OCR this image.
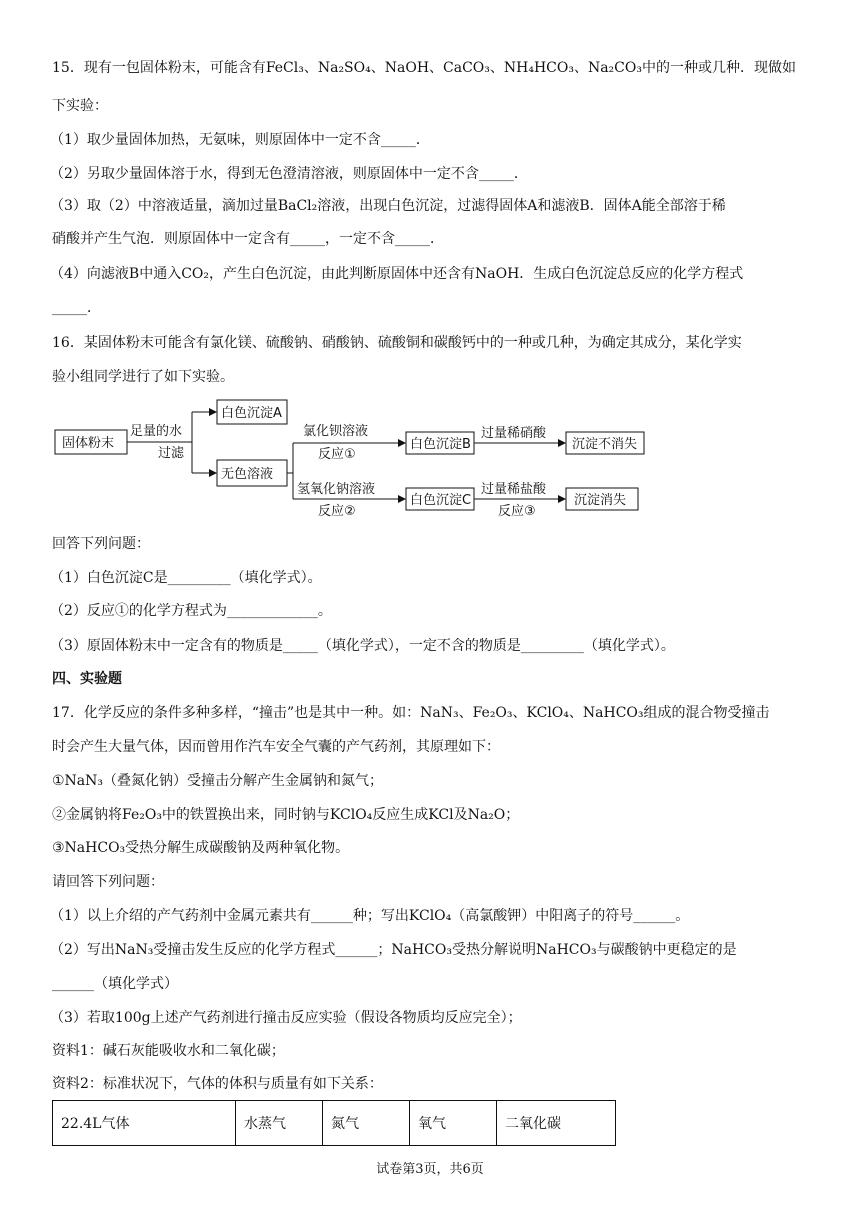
15．现有一包固体粉末，可能含有FeCl₃、Na₂SO₄、NaOH、CaCO₃、NH₄HCO₃、Na₂CO₃中的一种或几种．现做如
下实验：
（1）取少量固体加热，无氨味，则原固体中一定不含_____．
（2）另取少量固体溶于水，得到无色澄清溶液，则原固体中一定不含_____．
（3）取（2）中溶液适量，滴加过量BaCl₂溶液，出现白色沉淀，过滤得固体A和滤液B．固体A能全部溶于稀
硝酸并产生气泡．则原固体中一定含有_____，一定不含_____．
（4）向滤液B中通入CO₂，产生白色沉淀，由此判断原固体中还含有NaOH．生成白色沉淀总反应的化学方程式
_____．
16．某固体粉末可能含有氯化镁、硫酸钠、硝酸钠、硫酸铜和碳酸钙中的一种或几种，为确定其成分，某化学实
验小组同学进行了如下实验。
固体粉末
足量的水
过滤
白色沉淀A
无色溶液
氯化钡溶液
反应①
白色沉淀B
过量稀硝酸
沉淀不消失
氢氧化钠溶液
反应②
白色沉淀C
过量稀盐酸
反应③
沉淀消失
回答下列问题：
（1）白色沉淀C是_________（填化学式）。
（2）反应①的化学方程式为_____________。
（3）原固体粉末中一定含有的物质是_____（填化学式），一定不含的物质是_________（填化学式）。
四、实验题
17．化学反应的条件多种多样，“撞击”也是其中一种。如：NaN₃、Fe₂O₃、KClO₄、NaHCO₃组成的混合物受撞击
时会产生大量气体，因而曾用作汽车安全气囊的产气药剂，其原理如下：
①NaN₃（叠氮化钠）受撞击分解产生金属钠和氮气；
②金属钠将Fe₂O₃中的铁置换出来，同时钠与KClO₄反应生成KCl及Na₂O；
③NaHCO₃受热分解生成碳酸钠及两种氧化物。
请回答下列问题：
（1）以上介绍的产气药剂中金属元素共有______种；写出KClO₄（高氯酸钾）中阳离子的符号______。
（2）写出NaN₃受撞击发生反应的化学方程式______；NaHCO₃受热分解说明NaHCO₃与碳酸钠中更稳定的是
______（填化学式）
（3）若取100g上述产气药剂进行撞击反应实验（假设各物质均反应完全）；
资料1：碱石灰能吸收水和二氧化碳；
资料2：标准状况下，气体的体积与质量有如下关系：
22.4L气体	水蒸气	氮气	氧气	二氧化碳
试卷第3页，共6页
